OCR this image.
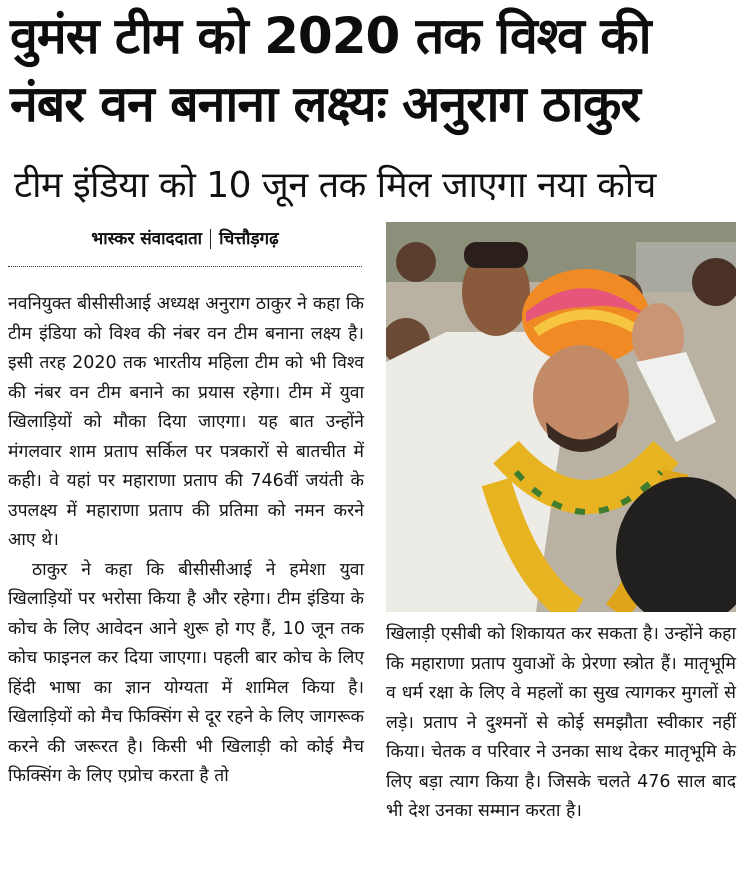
वुमंस टीम को 2020 तक विश्व की
नंबर वन बनाना लक्ष्यः अनुराग ठाकुर
टीम इंडिया को 10 जून तक मिल जाएगा नया कोच
भास्कर संवाददाता चित्तौड़गढ़

नवनियुक्त बीसीसीआई अध्यक्ष अनुराग ठाकुर ने कहा कि टीम इंडिया को विश्व की नंबर वन टीम बनाना लक्ष्य है। इसी तरह 2020 तक भारतीय महिला टीम को भी विश्व की नंबर वन टीम बनाने का प्रयास रहेगा। टीम में युवा खिलाड़ियों को मौका दिया जाएगा। यह बात उन्होंने मंगलवार शाम प्रताप सर्किल पर पत्रकारों से बातचीत में कही। वे यहां पर महाराणा प्रताप की 746वीं जयंती के उपलक्ष्य में महाराणा प्रताप की प्रतिमा को नमन करने आए थे।

ठाकुर ने कहा कि बीसीसीआई ने हमेशा युवा खिलाड़ियों पर भरोसा किया है और रहेगा। टीम इंडिया के कोच के लिए आवेदन आने शुरू हो गए हैं, 10 जून तक कोच फाइनल कर दिया जाएगा। पहली बार कोच के लिए हिंदी भाषा का ज्ञान योग्यता में शामिल किया है। खिलाड़ियों को मैच फिक्सिंग से दूर रहने के लिए जागरूक करने की जरूरत है। किसी भी खिलाड़ी को कोई मैच फिक्सिंग के लिए एप्रोच करता है तो

खिलाड़ी एसीबी को शिकायत कर सकता है। उन्होंने कहा कि महाराणा प्रताप युवाओं के प्रेरणा स्त्रोत हैं। मातृभूमि व धर्म रक्षा के लिए वे महलों का सुख त्यागकर मुगलों से लड़े। प्रताप ने दुश्मनों से कोई समझौता स्वीकार नहीं किया। चेतक व परिवार ने उनका साथ देकर मातृभूमि के लिए बड़ा त्याग किया है। जिसके चलते 476 साल बाद भी देश उनका सम्मान करता है।
